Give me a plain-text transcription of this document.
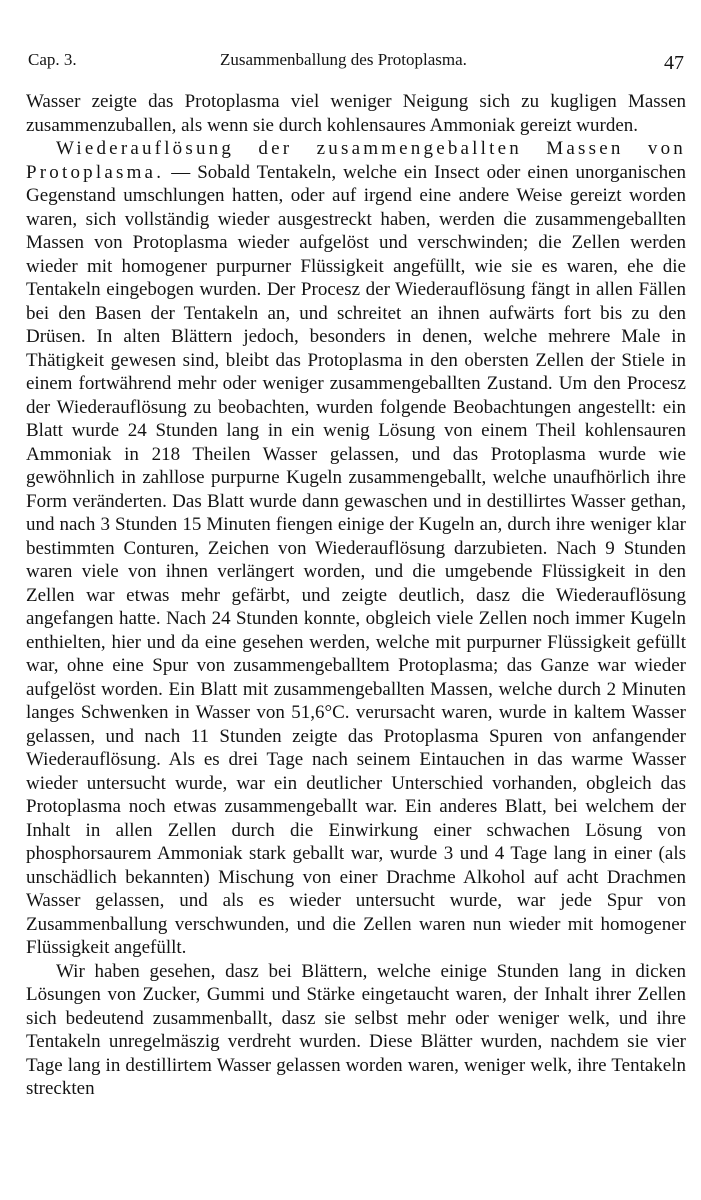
Cap. 3.	Zusammenballung des Protoplasma.	47

Wasser zeigte das Protoplasma viel weniger Neigung sich zu kugligen Massen zusammenzuballen, als wenn sie durch kohlensaures Ammoniak gereizt wurden.

Wiederauflösung der zusammengeballten Massen von Protoplasma. — Sobald Tentakeln, welche ein Insect oder einen unorganischen Gegenstand umschlungen hatten, oder auf irgend eine andere Weise gereizt worden waren, sich vollständig wieder ausgestreckt haben, werden die zusammengeballten Massen von Protoplasma wieder aufgelöst und verschwinden; die Zellen werden wieder mit homogener purpurner Flüssigkeit angefüllt, wie sie es waren, ehe die Tentakeln eingebogen wurden. Der Procesz der Wiederauflösung fängt in allen Fällen bei den Basen der Tentakeln an, und schreitet an ihnen aufwärts fort bis zu den Drüsen. In alten Blättern jedoch, besonders in denen, welche mehrere Male in Thätigkeit gewesen sind, bleibt das Protoplasma in den obersten Zellen der Stiele in einem fortwährend mehr oder weniger zusammengeballten Zustand. Um den Procesz der Wiederauflösung zu beobachten, wurden folgende Beobachtungen angestellt: ein Blatt wurde 24 Stunden lang in ein wenig Lösung von einem Theil kohlensauren Ammoniak in 218 Theilen Wasser gelassen, und das Protoplasma wurde wie gewöhnlich in zahllose purpurne Kugeln zusammengeballt, welche unaufhörlich ihre Form veränderten. Das Blatt wurde dann gewaschen und in destillirtes Wasser gethan, und nach 3 Stunden 15 Minuten fiengen einige der Kugeln an, durch ihre weniger klar bestimmten Conturen, Zeichen von Wiederauflösung darzubieten. Nach 9 Stunden waren viele von ihnen verlängert worden, und die umgebende Flüssigkeit in den Zellen war etwas mehr gefärbt, und zeigte deutlich, dasz die Wiederauflösung angefangen hatte. Nach 24 Stunden konnte, obgleich viele Zellen noch immer Kugeln enthielten, hier und da eine gesehen werden, welche mit purpurner Flüssigkeit gefüllt war, ohne eine Spur von zusammengeballtem Protoplasma; das Ganze war wieder aufgelöst worden. Ein Blatt mit zusammengeballten Massen, welche durch 2 Minuten langes Schwenken in Wasser von 51,6°C. verursacht waren, wurde in kaltem Wasser gelassen, und nach 11 Stunden zeigte das Protoplasma Spuren von anfangender Wiederauflösung. Als es drei Tage nach seinem Eintauchen in das warme Wasser wieder untersucht wurde, war ein deutlicher Unterschied vorhanden, obgleich das Protoplasma noch etwas zusammengeballt war. Ein anderes Blatt, bei welchem der Inhalt in allen Zellen durch die Einwirkung einer schwachen Lösung von phosphorsaurem Ammoniak stark geballt war, wurde 3 und 4 Tage lang in einer (als unschädlich bekannten) Mischung von einer Drachme Alkohol auf acht Drachmen Wasser gelassen, und als es wieder untersucht wurde, war jede Spur von Zusammenballung verschwunden, und die Zellen waren nun wieder mit homogener Flüssigkeit angefüllt.

Wir haben gesehen, dasz bei Blättern, welche einige Stunden lang in dicken Lösungen von Zucker, Gummi und Stärke eingetaucht waren, der Inhalt ihrer Zellen sich bedeutend zusammenballt, dasz sie selbst mehr oder weniger welk, und ihre Tentakeln unregelmäszig verdreht wurden. Diese Blätter wurden, nachdem sie vier Tage lang in destillirtem Wasser gelassen worden waren, weniger welk, ihre Tentakeln streckten
